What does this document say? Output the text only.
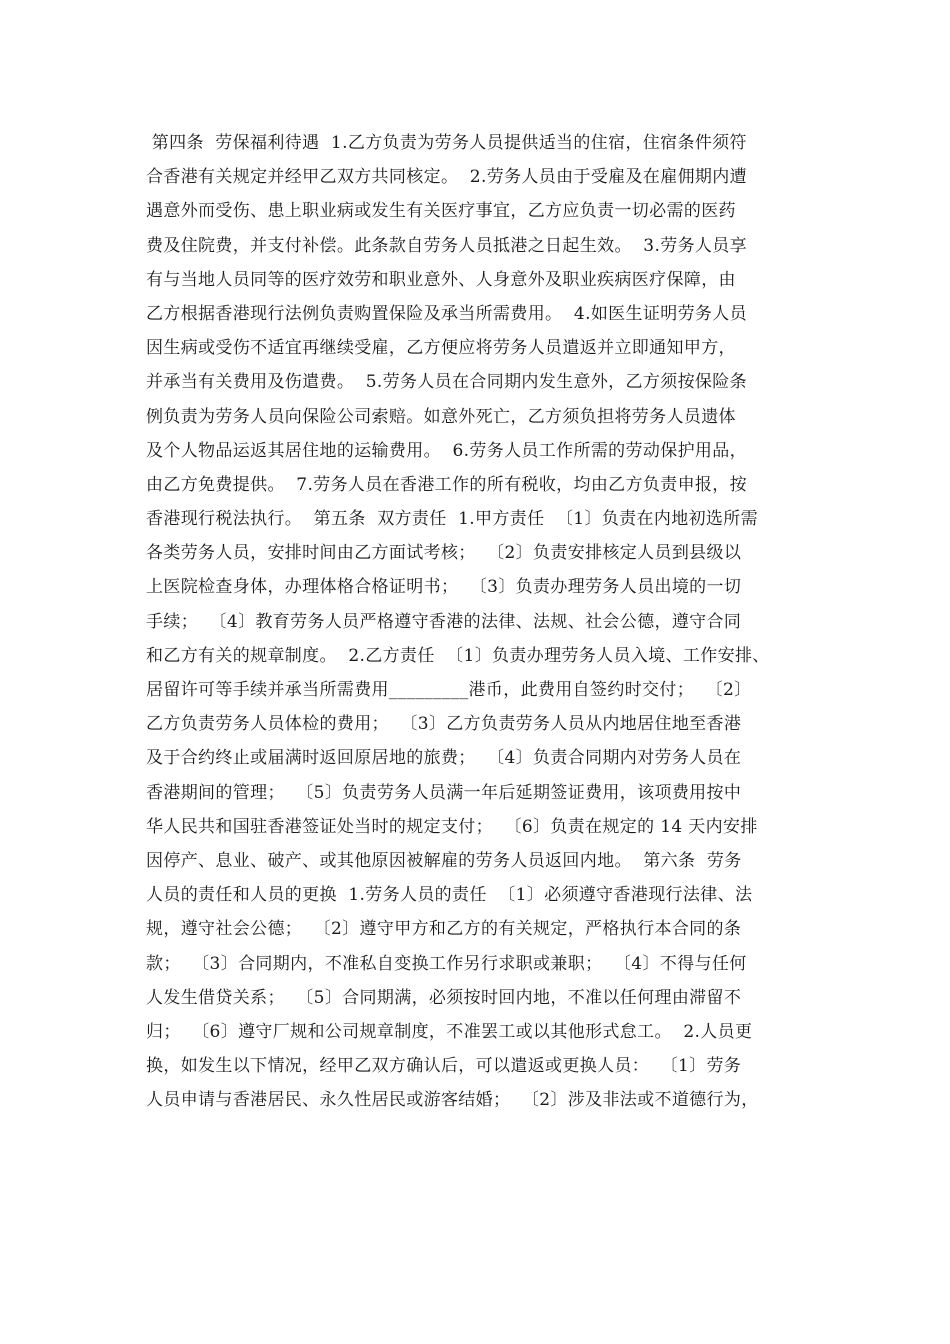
第四条  劳保福利待遇  1.乙方负责为劳务人员提供适当的住宿，住宿条件须符
合香港有关规定并经甲乙双方共同核定。  2.劳务人员由于受雇及在雇佣期内遭
遇意外而受伤、患上职业病或发生有关医疗事宜，乙方应负责一切必需的医药
费及住院费，并支付补偿。此条款自劳务人员抵港之日起生效。  3.劳务人员享
有与当地人员同等的医疗效劳和职业意外、人身意外及职业疾病医疗保障，由
乙方根据香港现行法例负责购置保险及承当所需费用。  4.如医生证明劳务人员
因生病或受伤不适宜再继续受雇，乙方便应将劳务人员遣返并立即通知甲方，
并承当有关费用及伤遣费。  5.劳务人员在合同期内发生意外，乙方须按保险条
例负责为劳务人员向保险公司索赔。如意外死亡，乙方须负担将劳务人员遗体
及个人物品运返其居住地的运输费用。  6.劳务人员工作所需的劳动保护用品，
由乙方免费提供。  7.劳务人员在香港工作的所有税收，均由乙方负责申报，按
香港现行税法执行。  第五条  双方责任  1.甲方责任  〔1〕负责在内地初选所需
各类劳务人员，安排时间由乙方面试考核；  〔2〕负责安排核定人员到县级以
上医院检查身体，办理体格合格证明书；  〔3〕负责办理劳务人员出境的一切
手续；  〔4〕教育劳务人员严格遵守香港的法律、法规、社会公德，遵守合同
和乙方有关的规章制度。  2.乙方责任  〔1〕负责办理劳务人员入境、工作安排、
居留许可等手续并承当所需费用_________港币，此费用自签约时交付；  〔2〕
乙方负责劳务人员体检的费用；  〔3〕乙方负责劳务人员从内地居住地至香港
及于合约终止或届满时返回原居地的旅费；  〔4〕负责合同期内对劳务人员在
香港期间的管理；  〔5〕负责劳务人员满一年后延期签证费用，该项费用按中
华人民共和国驻香港签证处当时的规定支付；  〔6〕负责在规定的 14 天内安排
因停产、息业、破产、或其他原因被解雇的劳务人员返回内地。  第六条  劳务
人员的责任和人员的更换  1.劳务人员的责任  〔1〕必须遵守香港现行法律、法
规，遵守社会公德；  〔2〕遵守甲方和乙方的有关规定，严格执行本合同的条
款；  〔3〕合同期内，不准私自变换工作另行求职或兼职；  〔4〕不得与任何
人发生借贷关系；  〔5〕合同期满，必须按时回内地，不准以任何理由滞留不
归；  〔6〕遵守厂规和公司规章制度，不准罢工或以其他形式怠工。  2.人员更
换，如发生以下情况，经甲乙双方确认后，可以遣返或更换人员：  〔1〕劳务
人员申请与香港居民、永久性居民或游客结婚；  〔2〕涉及非法或不道德行为，
